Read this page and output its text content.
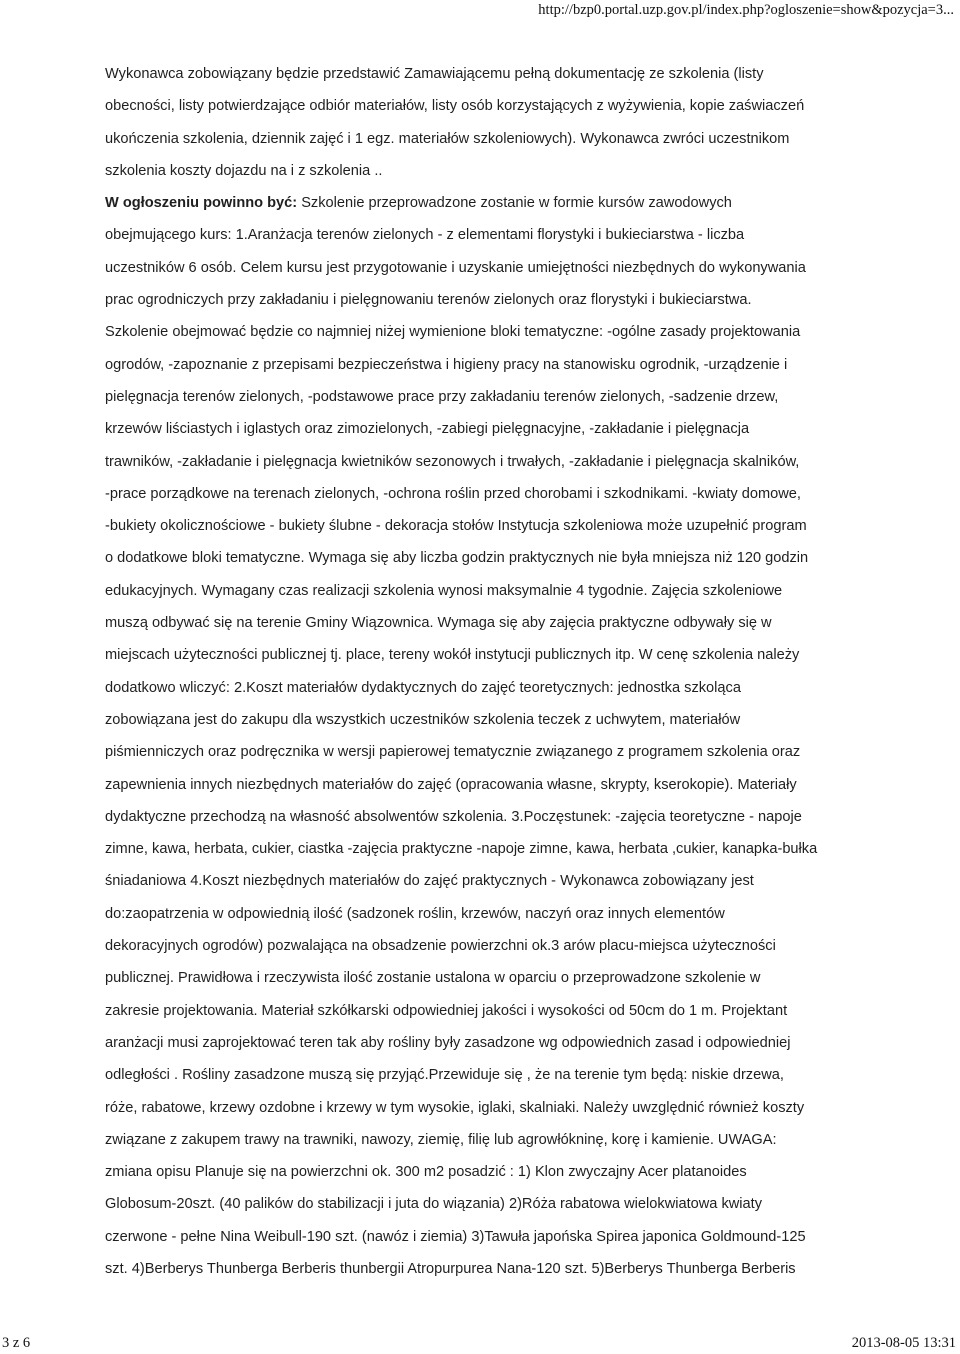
http://bzp0.portal.uzp.gov.pl/index.php?ogloszenie=show&pozycja=3...
Wykonawca zobowiązany będzie przedstawić Zamawiającemu pełną dokumentację ze szkolenia (listy
obecności, listy potwierdzające odbiór materiałów, listy osób korzystających z wyżywienia, kopie zaświaczeń
ukończenia szkolenia, dziennik zajęć i 1 egz. materiałów szkoleniowych). Wykonawca zwróci uczestnikom
szkolenia koszty dojazdu na i z szkolenia ..
W ogłoszeniu powinno być: Szkolenie przeprowadzone zostanie w formie kursów zawodowych
obejmującego kurs: 1.Aranżacja terenów zielonych - z elementami florystyki i bukieciarstwa - liczba
uczestników 6 osób. Celem kursu jest przygotowanie i uzyskanie umiejętności niezbędnych do wykonywania
prac ogrodniczych przy zakładaniu i pielęgnowaniu terenów zielonych oraz florystyki i bukieciarstwa.
Szkolenie obejmować będzie co najmniej niżej wymienione bloki tematyczne: -ogólne zasady projektowania
ogrodów, -zapoznanie z przepisami bezpieczeństwa i higieny pracy na stanowisku ogrodnik, -urządzenie i
pielęgnacja terenów zielonych, -podstawowe prace przy zakładaniu terenów zielonych, -sadzenie drzew,
krzewów liściastych i iglastych oraz zimozielonych, -zabiegi pielęgnacyjne, -zakładanie i pielęgnacja
trawników, -zakładanie i pielęgnacja kwietników sezonowych i trwałych, -zakładanie i pielęgnacja skalników,
-prace porządkowe na terenach zielonych, -ochrona roślin przed chorobami i szkodnikami. -kwiaty domowe,
-bukiety okolicznościowe - bukiety ślubne - dekoracja stołów Instytucja szkoleniowa może uzupełnić program
o dodatkowe bloki tematyczne. Wymaga się aby liczba godzin praktycznych nie była mniejsza niż 120 godzin
edukacyjnych. Wymagany czas realizacji szkolenia wynosi maksymalnie 4 tygodnie. Zajęcia szkoleniowe
muszą odbywać się na terenie Gminy Wiązownica. Wymaga się aby zajęcia praktyczne odbywały się w
miejscach użyteczności publicznej tj. place, tereny wokół instytucji publicznych itp. W cenę szkolenia należy
dodatkowo wliczyć: 2.Koszt materiałów dydaktycznych do zajęć teoretycznych: jednostka szkoląca
zobowiązana jest do zakupu dla wszystkich uczestników szkolenia teczek z uchwytem, materiałów
piśmienniczych oraz podręcznika w wersji papierowej tematycznie związanego z programem szkolenia oraz
zapewnienia innych niezbędnych materiałów do zajęć (opracowania własne, skrypty, kserokopie). Materiały
dydaktyczne przechodzą na własność absolwentów szkolenia. 3.Poczęstunek: -zajęcia teoretyczne - napoje
zimne, kawa, herbata, cukier, ciastka -zajęcia praktyczne -napoje zimne, kawa, herbata ,cukier, kanapka-bułka
śniadaniowa 4.Koszt niezbędnych materiałów do zajęć praktycznych - Wykonawca zobowiązany jest
do:zaopatrzenia w odpowiednią ilość (sadzonek roślin, krzewów, naczyń oraz innych elementów
dekoracyjnych ogrodów) pozwalająca na obsadzenie powierzchni ok.3 arów placu-miejsca użyteczności
publicznej. Prawidłowa i rzeczywista ilość zostanie ustalona w oparciu o przeprowadzone szkolenie w
zakresie projektowania. Materiał szkółkarski odpowiedniej jakości i wysokości od 50cm do 1 m. Projektant
aranżacji musi zaprojektować teren tak aby rośliny były zasadzone wg odpowiednich zasad i odpowiedniej
odległości . Rośliny zasadzone muszą się przyjąć.Przewiduje się , że na terenie tym będą: niskie drzewa,
róże, rabatowe, krzewy ozdobne i krzewy w tym wysokie, iglaki, skalniaki. Należy uwzględnić również koszty
związane z zakupem trawy na trawniki, nawozy, ziemię, filię lub agrowłókninę, korę i kamienie. UWAGA:
zmiana opisu Planuje się na powierzchni ok. 300 m2 posadzić : 1) Klon zwyczajny Acer platanoides
Globosum-20szt. (40 palików do stabilizacji i juta do wiązania) 2)Róża rabatowa wielokwiatowa kwiaty
czerwone - pełne Nina Weibull-190 szt. (nawóz i ziemia) 3)Tawuła japońska Spirea japonica Goldmound-125
szt. 4)Berberys Thunberga Berberis thunbergii Atropurpurea Nana-120 szt. 5)Berberys Thunberga Berberis
3 z 6	2013-08-05 13:31
